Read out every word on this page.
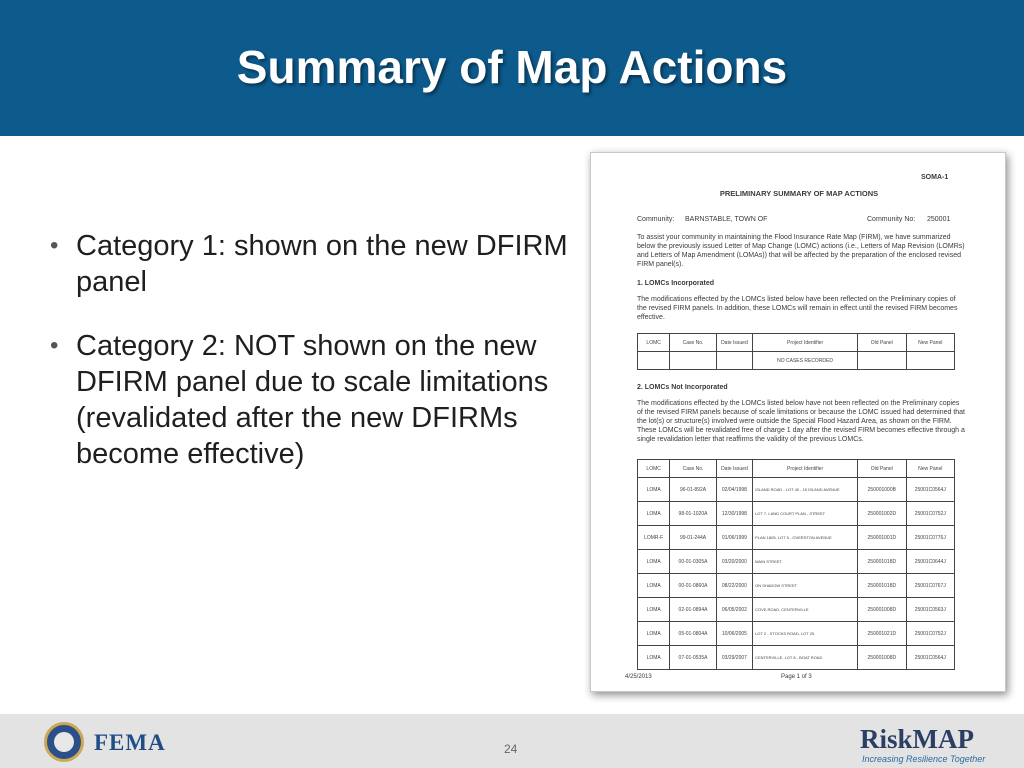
Summary of Map Actions
• Category 1: shown on the new DFIRM panel
• Category 2: NOT shown on the new DFIRM panel due to scale limitations (revalidated after the new DFIRMs become effective)
SOMA-1
PRELIMINARY SUMMARY OF MAP ACTIONS
Community: BARNSTABLE, TOWN OF	Community No: 250001
To assist your community in maintaining the Flood Insurance Rate Map (FIRM), we have summarized below the previously issued Letter of Map Change (LOMC) actions (i.e., Letters of Map Revision (LOMRs) and Letters of Map Amendment (LOMAs)) that will be affected by the preparation of the enclosed revised FIRM panel(s).
1. LOMCs Incorporated
The modifications effected by the LOMCs listed below have been reflected on the Preliminary copies of the revised FIRM panels. In addition, these LOMCs will remain in effect until the revised FIRM becomes effective.
LOMC	Case No.	Date Issued	Project Identifier	Old Panel	New Panel
			NO CASES RECORDED		
2. LOMCs Not Incorporated
The modifications effected by the LOMCs listed below have not been reflected on the Preliminary copies of the revised FIRM panels because of scale limitations or because the LOMC issued had determined that the lot(s) or structure(s) involved were outside the Special Flood Hazard Area, as shown on the FIRM. These LOMCs will be revalidated free of charge 1 day after the revised FIRM becomes effective through a single revalidation letter that reaffirms the validity of the previous LOMCs.
LOMC	Case No.	Date Issued	Project Identifier	Old Panel	New Panel
LOMA	96-01-892A	02/04/1998	ISLAND ROAD - LOT 40 - 15 ISLAND AVENUE	250001000B	25001C0564J
LOMA	98-01-1020A	12/30/1998	LOT 7, LAND COURT PLAN - STREET	250001002D	25001C0752J
LOMR-F	99-01-244A	01/06/1999	PLAN 1805, LOT 5 - OVERSTON AVENUE	250001001D	25001C0776J
LOMA	00-01-0305A	03/20/2000	MAIN STREET	250001018D	25001C0644J
LOMA	00-01-0860A	08/22/2000	ON SHADOW STREET	250001018D	25001C0767J
LOMA	02-01-0894A	06/05/2002	COVE ROAD, CENTERVILLE	250001008D	25001C0563J
LOMA	05-01-0804A	10/06/2005	LOT 2 - STOCKS ROAD, LOT 25	250001021D	25001C0752J
LOMA	07-01-0535A	03/29/2007	CENTERVILLE, LOT 8 - BOAT ROAD	250001008D	25001C0564J
4/25/2013	Page 1 of 3
FEMA	24	RiskMAP
Increasing Resilience Together
